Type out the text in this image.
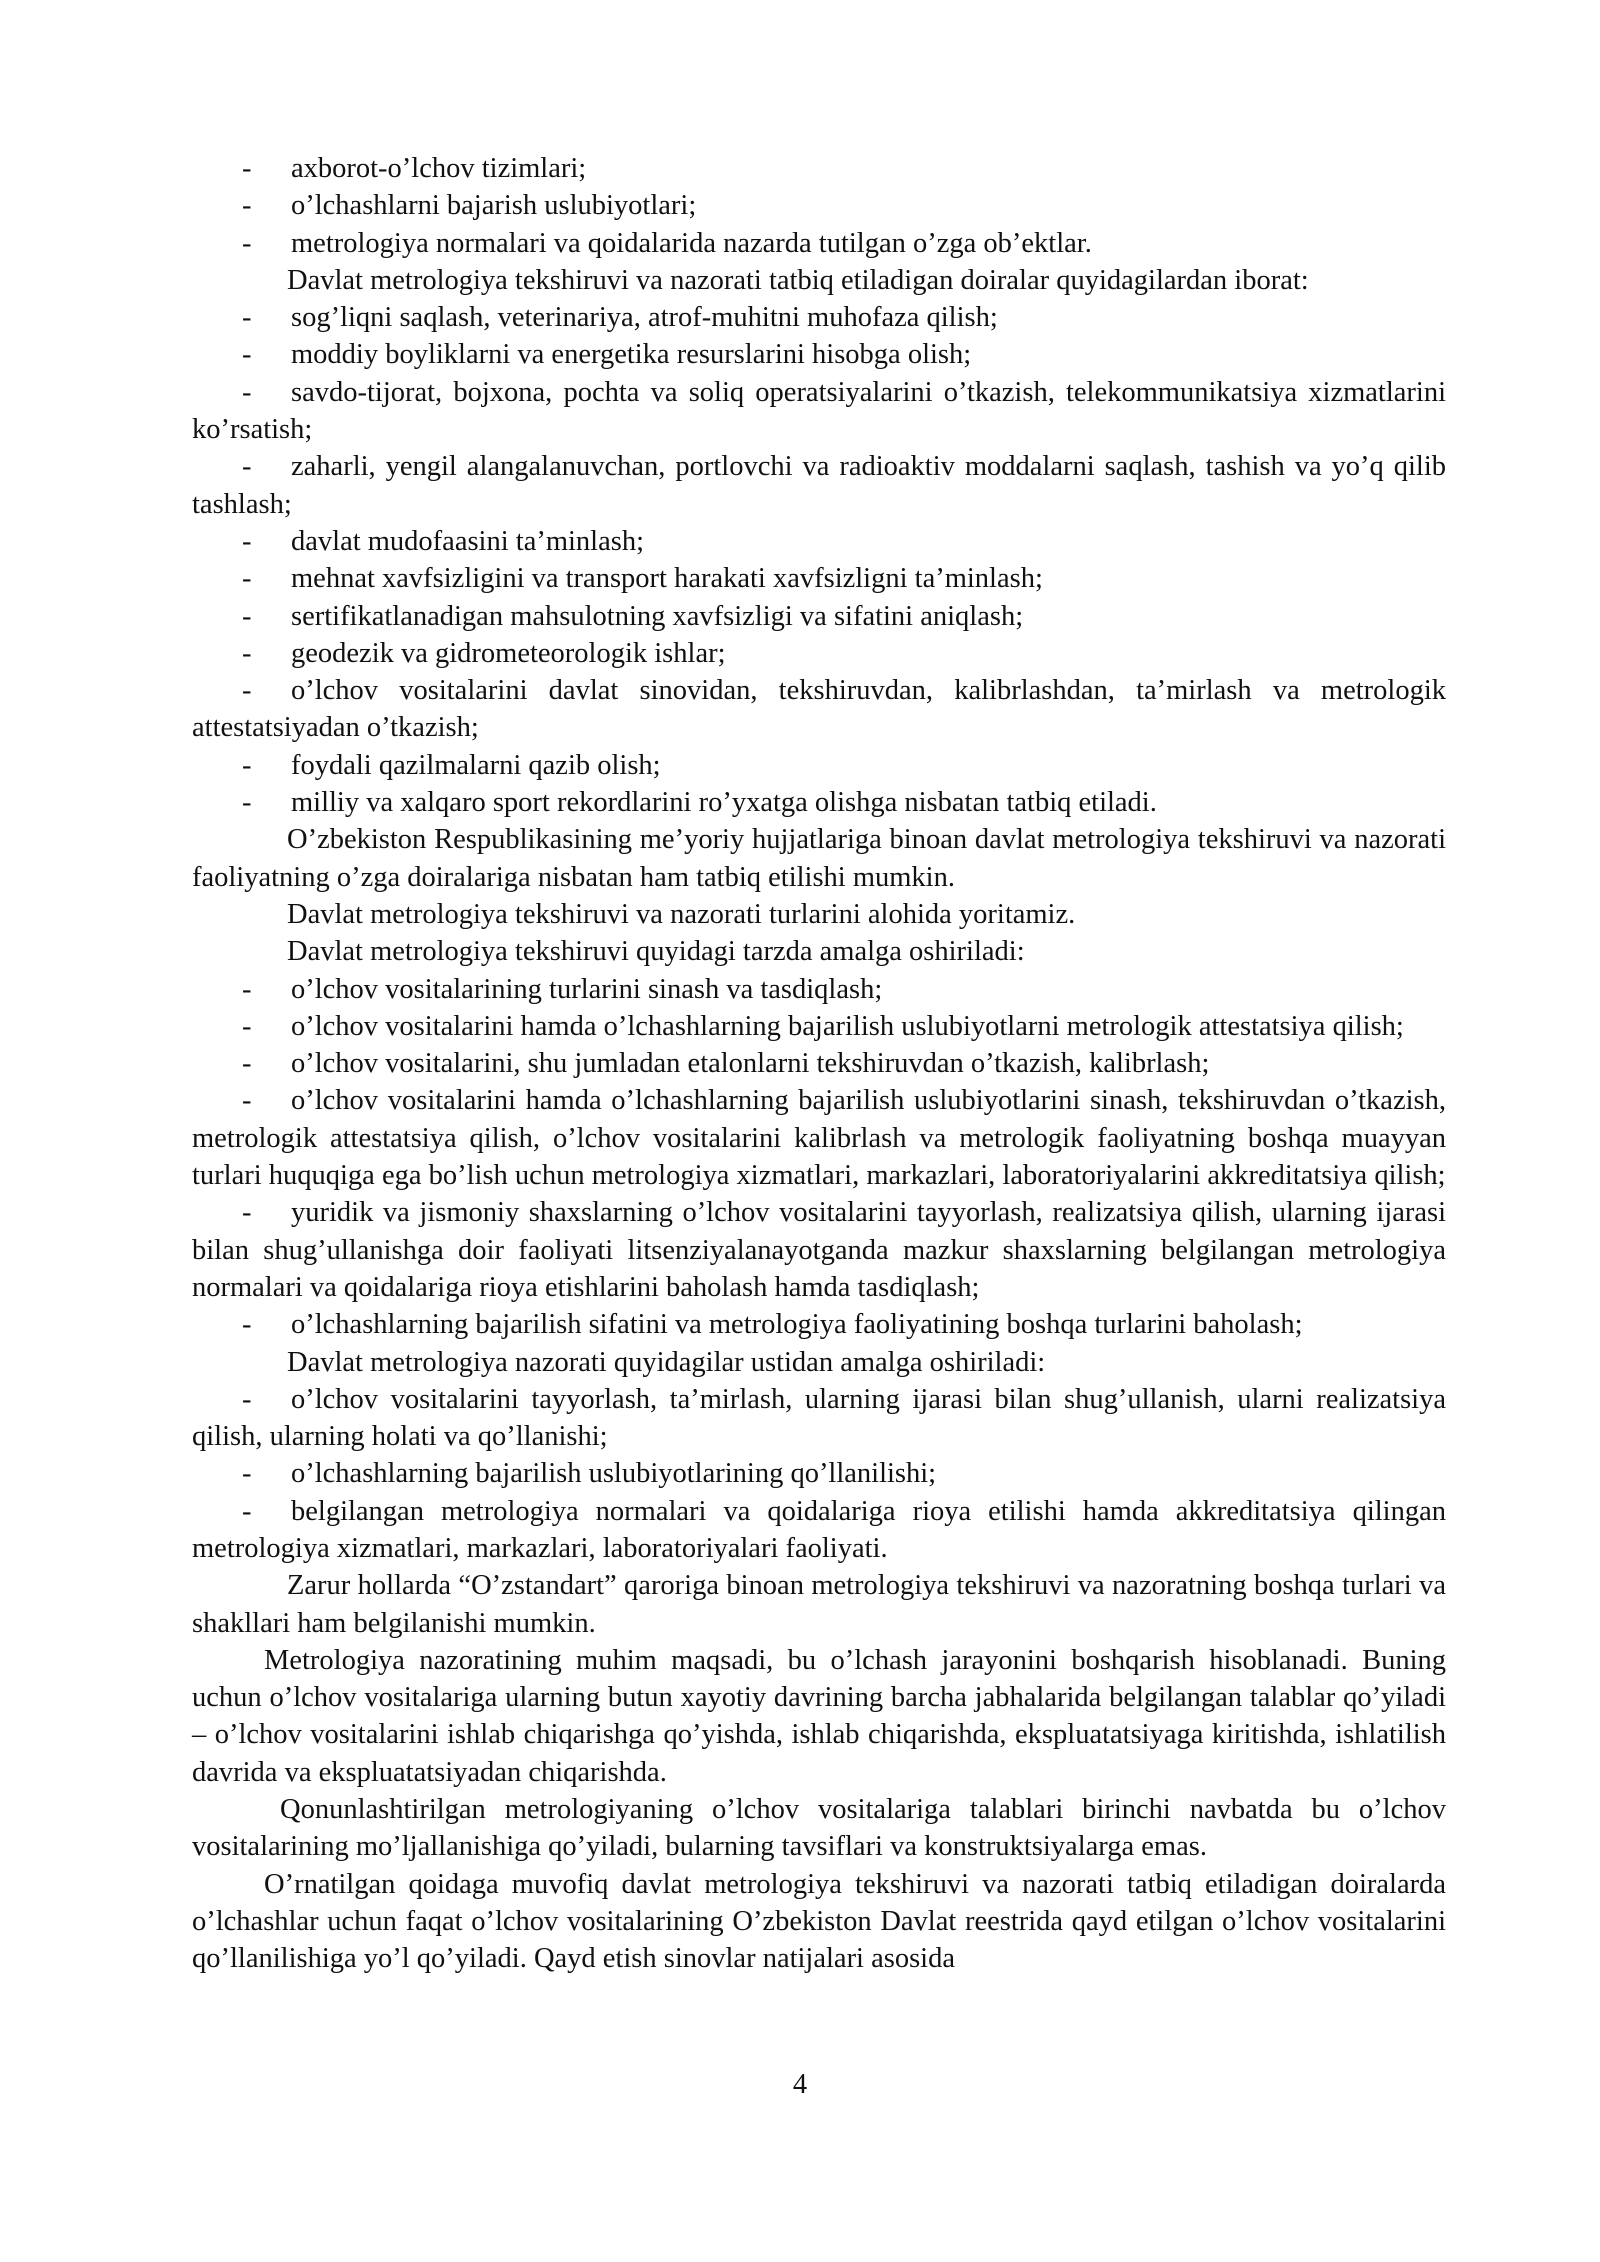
- axborot-o’lchov tizimlari;
- o’lchashlarni bajarish uslubiyotlari;
- metrologiya normalari va qoidalarida nazarda tutilgan o’zga ob’ektlar.
Davlat metrologiya tekshiruvi va nazorati tatbiq etiladigan doiralar quyidagilardan iborat:
- sog’liqni saqlash, veterinariya, atrof-muhitni muhofaza qilish;
- moddiy boyliklarni va energetika resurslarini hisobga olish;
- savdo-tijorat, bojxona, pochta va soliq operatsiyalarini o’tkazish, telekommunikatsiya xizmatlarini ko’rsatish;
- zaharli, yengil alangalanuvchan, portlovchi va radioaktiv moddalarni saqlash, tashish va yo’q qilib tashlash;
- davlat mudofaasini ta’minlash;
- mehnat xavfsizligini va transport harakati xavfsizligni ta’minlash;
- sertifikatlanadigan mahsulotning xavfsizligi va sifatini aniqlash;
- geodezik va gidrometeorologik ishlar;
- o’lchov vositalarini davlat sinovidan, tekshiruvdan, kalibrlashdan, ta’mirlash va metrologik attestatsiyadan o’tkazish;
- foydali qazilmalarni qazib olish;
- milliy va xalqaro sport rekordlarini ro’yxatga olishga nisbatan tatbiq etiladi.
O’zbekiston Respublikasining me’yoriy hujjatlariga binoan davlat metrologiya tekshiruvi va nazorati faoliyatning o’zga doiralariga nisbatan ham tatbiq etilishi mumkin.
Davlat metrologiya tekshiruvi va nazorati turlarini alohida yoritamiz.
Davlat metrologiya tekshiruvi quyidagi tarzda amalga oshiriladi:
- o’lchov vositalarining turlarini sinash va tasdiqlash;
- o’lchov vositalarini hamda o’lchashlarning bajarilish uslubiyotlarni metrologik attestatsiya qilish;
- o’lchov vositalarini, shu jumladan etalonlarni tekshiruvdan o’tkazish, kalibrlash;
- o’lchov vositalarini hamda o’lchashlarning bajarilish uslubiyotlarini sinash, tekshiruvdan o’tkazish, metrologik attestatsiya qilish, o’lchov vositalarini kalibrlash va metrologik faoliyatning boshqa muayyan turlari huquqiga ega bo’lish uchun metrologiya xizmatlari, markazlari, laboratoriyalarini akkreditatsiya qilish;
- yuridik va jismoniy shaxslarning o’lchov vositalarini tayyorlash, realizatsiya qilish, ularning ijarasi bilan shug’ullanishga doir faoliyati litsenziyalanayotganda mazkur shaxslarning belgilangan metrologiya normalari va qoidalariga rioya etishlarini baholash hamda tasdiqlash;
- o’lchashlarning bajarilish sifatini va metrologiya faoliyatining boshqa turlarini baholash;
Davlat metrologiya nazorati quyidagilar ustidan amalga oshiriladi:
- o’lchov vositalarini tayyorlash, ta’mirlash, ularning ijarasi bilan shug’ullanish, ularni realizatsiya qilish, ularning holati va qo’llanishi;
- o’lchashlarning bajarilish uslubiyotlarining qo’llanilishi;
- belgilangan metrologiya normalari va qoidalariga rioya etilishi hamda akkreditatsiya qilingan metrologiya xizmatlari, markazlari, laboratoriyalari faoliyati.
Zarur hollarda “O’zstandart” qaroriga binoan metrologiya tekshiruvi va nazoratning boshqa turlari va shakllari ham belgilanishi mumkin.
Metrologiya nazoratining muhim maqsadi, bu o’lchash jarayonini boshqarish hisoblanadi. Buning uchun o’lchov vositalariga ularning butun xayotiy davrining barcha jabhalarida belgilangan talablar qo’yiladi – o’lchov vositalarini ishlab chiqarishga qo’yishda, ishlab chiqarishda, ekspluatatsiyaga kiritishda, ishlatilish davrida va ekspluatatsiyadan chiqarishda.
Qonunlashtirilgan metrologiyaning o’lchov vositalariga talablari birinchi navbatda bu o’lchov vositalarining mo’ljallanishiga qo’yiladi, bularning tavsiflari va konstruktsiyalarga emas.
O’rnatilgan qoidaga muvofiq davlat metrologiya tekshiruvi va nazorati tatbiq etiladigan doiralarda o’lchashlar uchun faqat o’lchov vositalarining O’zbekiston Davlat reestrida qayd etilgan o’lchov vositalarini qo’llanilishiga yo’l qo’yiladi. Qayd etish sinovlar natijalari asosida
4
